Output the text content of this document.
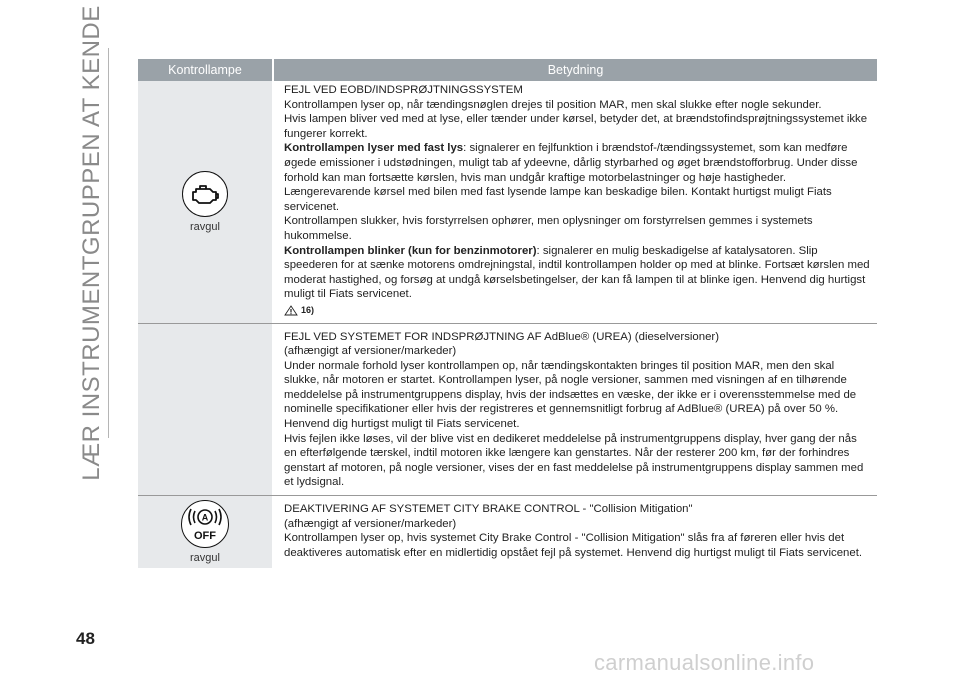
LÆR INSTRUMENTGRUPPEN AT KENDE	Kontrollampe	Betydning
ravgul

FEJL VED EOBD/INDSPRØJTNINGSSYSTEM

Kontrollampen lyser op, når tændingsnøglen drejes til position MAR, men skal slukke efter nogle sekunder.

Hvis lampen bliver ved med at lyse, eller tænder under kørsel, betyder det, at brændstofindsprøjtningssystemet ikke fungerer korrekt.

Kontrollampen lyser med fast lys: signalerer en fejlfunktion i brændstof-/tændingssystemet, som kan medføre øgede emissioner i udstødningen, muligt tab af ydeevne, dårlig styrbarhed og øget brændstofforbrug. Under disse forhold kan man fortsætte kørslen, hvis man undgår kraftige motorbelastninger og høje hastigheder. Længerevarende kørsel med bilen med fast lysende lampe kan beskadige bilen. Kontakt hurtigst muligt Fiats servicenet.

Kontrollampen slukker, hvis forstyrrelsen ophører, men oplysninger om forstyrrelsen gemmes i systemets hukommelse.

Kontrollampen blinker (kun for benzinmotorer): signalerer en mulig beskadigelse af katalysatoren. Slip speederen for at sænke motorens omdrejningstal, indtil kontrollampen holder op med at blinke. Fortsæt kørslen med moderat hastighed, og forsøg at undgå kørselsbetingelser, der kan få lampen til at blinke igen. Henvend dig hurtigst muligt til Fiats servicenet.

16)

FEJL VED SYSTEMET FOR INDSPRØJTNING AF AdBlue® (UREA) (dieselversioner)

(afhængigt af versioner/markeder)

Under normale forhold lyser kontrollampen op, når tændingskontakten bringes til position MAR, men den skal slukke, når motoren er startet. Kontrollampen lyser, på nogle versioner, sammen med visningen af en tilhørende meddelelse på instrumentgruppens display, hvis der indsættes en væske, der ikke er i overensstemmelse med de nominelle specifikationer eller hvis der registreres et gennemsnitligt forbrug af AdBlue® (UREA) på over 50 %. Henvend dig hurtigst muligt til Fiats servicenet.

Hvis fejlen ikke løses, vil der blive vist en dedikeret meddelelse på instrumentgruppens display, hver gang der nås en efterfølgende tærskel, indtil motoren ikke længere kan genstartes. Når der resterer 200 km, før der forhindres genstart af motoren, på nogle versioner, vises der en fast meddelelse på instrumentgruppens display sammen med et lydsignal.

A
OFF
ravgul

DEAKTIVERING AF SYSTEMET CITY BRAKE CONTROL - "Collision Mitigation"

(afhængigt af versioner/markeder)

Kontrollampen lyser op, hvis systemet City Brake Control - "Collision Mitigation" slås fra af føreren eller hvis det deaktiveres automatisk efter en midlertidig opstået fejl på systemet. Henvend dig hurtigst muligt til Fiats servicenet.

48
carmanualsonline.info
